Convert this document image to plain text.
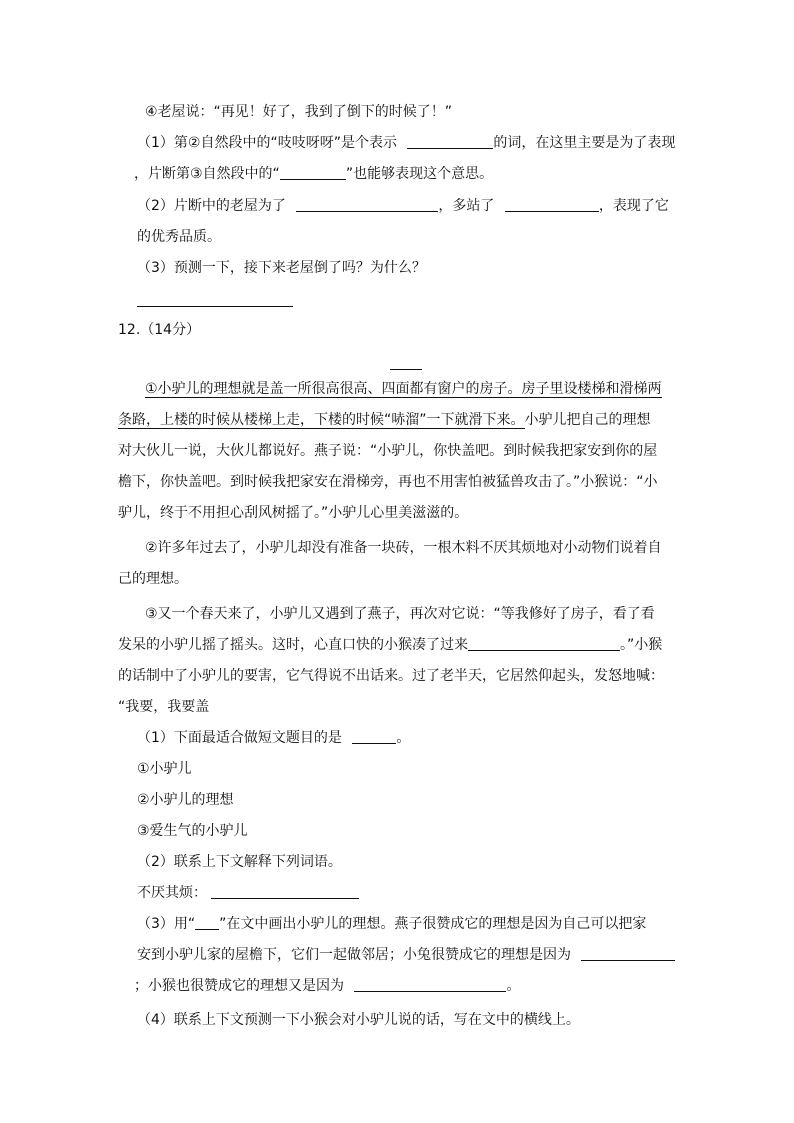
④老屋说：“再见！好了，我到了倒下的时候了！”
（1）第②自然段中的“吱吱呀呀”是个表示	的词，在这里主要是为了表现
，片断第③自然段中的“	”也能够表现这个意思。
（2）片断中的老屋为了	，多站了	，表现了它
的优秀品质。
（3）预测一下，接下来老屋倒了吗？为什么？
12.（14分）
①小驴儿的理想就是盖一所很高很高、四面都有窗户的房子。房子里设楼梯和滑梯两
条路，上楼的时候从楼梯上走，下楼的时候“哧溜”一下就滑下来。小驴儿把自己的理想
对大伙儿一说，大伙儿都说好。燕子说：“小驴儿，你快盖吧。到时候我把家安到你的屋
檐下，你快盖吧。到时候我把家安在滑梯旁，再也不用害怕被猛兽攻击了。”小猴说：“小
驴儿，终于不用担心刮风树摇了。”小驴儿心里美滋滋的。
②许多年过去了，小驴儿却没有准备一块砖，一根木料不厌其烦地对小动物们说着自
己的理想。
③又一个春天来了，小驴儿又遇到了燕子，再次对它说：“等我修好了房子，看了看
发呆的小驴儿摇了摇头。这时，心直口快的小猴凑了过来	。”小猴
的话制中了小驴儿的要害，它气得说不出话来。过了老半天，它居然仰起头，发怒地喊：
“我要，我要盖
（1）下面最适合做短文题目的是	。
①小驴儿
②小驴儿的理想
③爱生气的小驴儿
（2）联系上下文解释下列词语。
不厌其烦：
（3）用“ ”在文中画出小驴儿的理想。燕子很赞成它的理想是因为自己可以把家
安到小驴儿家的屋檐下，它们一起做邻居；小兔很赞成它的理想是因为
；小猴也很赞成它的理想又是因为	。
（4）联系上下文预测一下小猴会对小驴儿说的话，写在文中的横线上。
